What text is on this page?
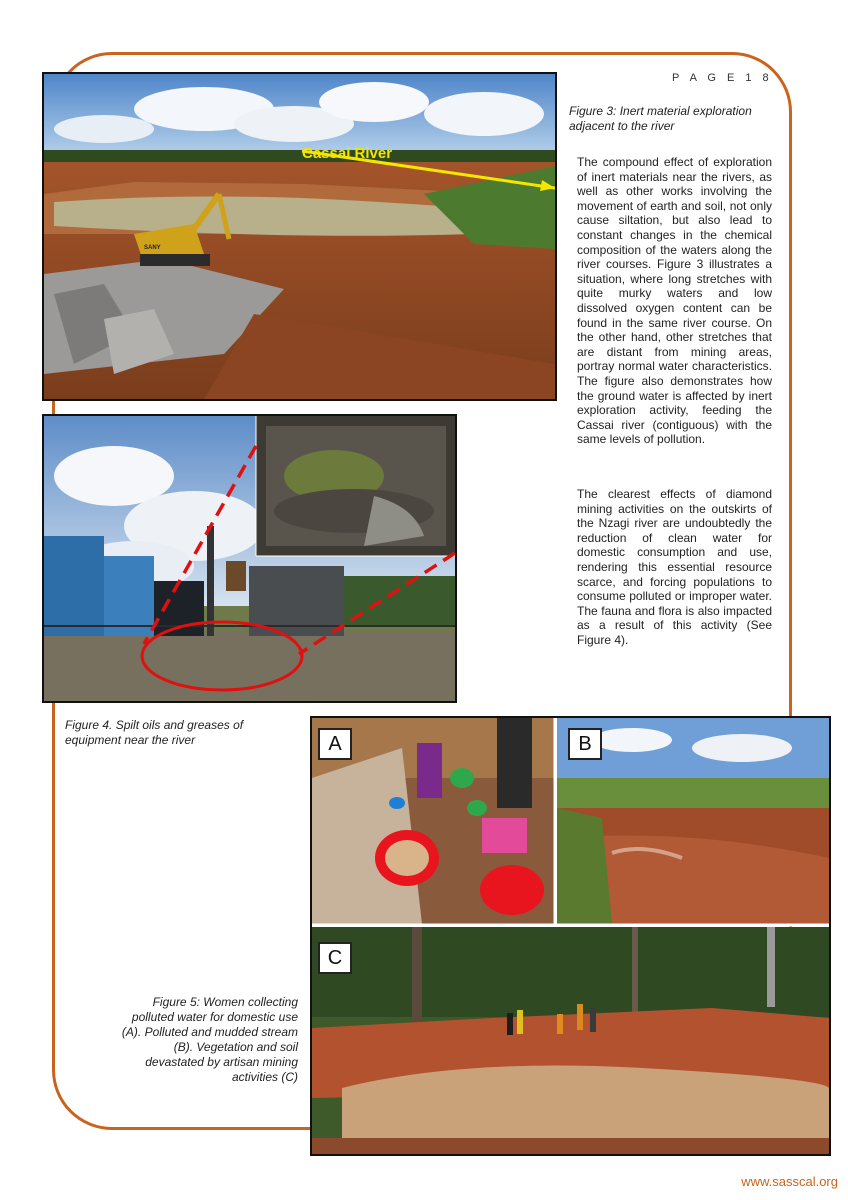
P A G E 1 8
Cassai River
SANY
Figure 3: Inert material exploration adjacent to the river

The compound effect of exploration of inert materials near the rivers, as well as other works involving the movement of earth and soil, not only cause siltation, but also lead to constant changes in the chemical composition of the waters along the river courses. Figure 3 illustrates a situation, where long stretches with quite murky waters and low dissolved oxygen content can be found in the same river course. On the other hand, other stretches that are distant from mining areas, portray normal water characteristics. The figure also demonstrates how the ground water is affected by inert exploration activity, feeding the Cassai river (contiguous) with the same levels of pollution.

The clearest effects of diamond mining activities on the outskirts of the Nzagi river are undoubtedly the reduction of clean water for domestic consumption and use, rendering this essential resource scarce, and forcing populations to consume polluted or improper water. The fauna and flora is also impacted as a result of this activity (See Figure 4).

Figure 4. Spilt oils and greases of equipment near the river	A	B
C
Figure 5: Women collecting polluted water for domestic use (A). Polluted and mudded stream (B). Vegetation and soil devastated by artisan mining activities (C)
www.sasscal.org
